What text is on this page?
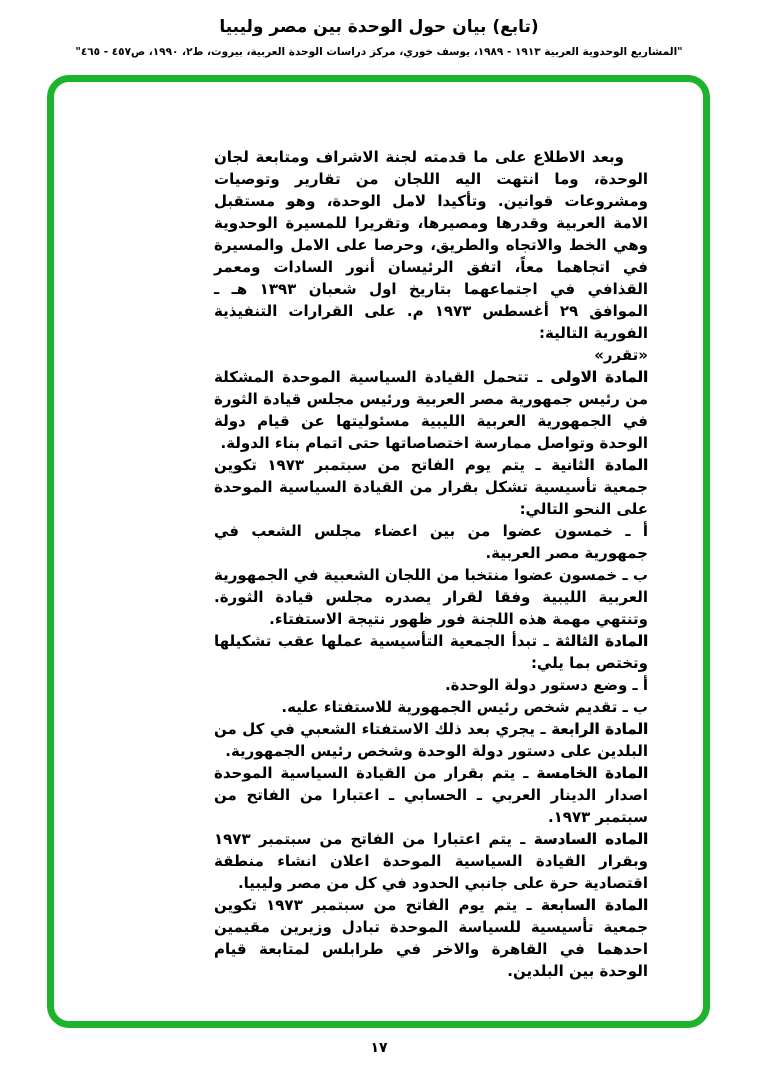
(تابع) بيان حول الوحدة بين مصر وليبيا
"المشاريع الوحدوية العربية ١٩١٣ - ١٩٨٩، يوسف خوري، مركز دراسات الوحدة العربية، بيروت، ط٢، ١٩٩٠، ص٤٥٧ - ٤٦٥"

وبعد الاطلاع على ما قدمته لجنة الاشراف ومتابعة لجان الوحدة، وما انتهت اليه اللجان من تقارير وتوصيات ومشروعات قوانين. وتأكيدا لامل الوحدة، وهو مستقبل الامة العربية وقدرها ومصيرها، وتقريرا للمسيرة الوحدوية وهي الخط والاتجاه والطريق، وحرصا على الامل والمسيرة في اتجاهما معاً، اتفق الرئيسان أنور السادات ومعمر القذافي في اجتماعهما بتاريخ اول شعبان ١٣٩٣ هـ ـ الموافق ٢٩ أغسطس ١٩٧٣ م. على القرارات التنفيذية الفورية التالية:

«تقرر»

المادة الاولى ـ تتحمل القيادة السياسية الموحدة المشكلة من رئيس جمهورية مصر العربية ورئيس مجلس قيادة الثورة في الجمهورية العربية الليبية مسئوليتها عن قيام دولة الوحدة وتواصل ممارسة اختصاصاتها حتى اتمام بناء الدولة.

المادة الثانية ـ يتم يوم الفاتح من سبتمبر ١٩٧٣ تكوين جمعية تأسيسية تشكل بقرار من القيادة السياسية الموحدة على النحو التالي:

أ ـ خمسون عضوا من بين اعضاء مجلس الشعب في جمهورية مصر العربية.

ب ـ خمسون عضوا منتخبا من اللجان الشعبية في الجمهورية العربية الليبية وفقا لقرار يصدره مجلس قيادة الثورة. وتنتهي مهمة هذه اللجنة فور ظهور نتيجة الاستفتاء.

المادة الثالثة ـ تبدأ الجمعية التأسيسية عملها عقب تشكيلها وتختص بما يلي:

أ ـ وضع دستور دولة الوحدة.

ب ـ تقديم شخص رئيس الجمهورية للاستفتاء عليه.

المادة الرابعة ـ يجري بعد ذلك الاستفتاء الشعبي في كل من البلدين على دستور دولة الوحدة وشخص رئيس الجمهورية.

المادة الخامسة ـ يتم بقرار من القيادة السياسية الموحدة اصدار الدينار العربي ـ الحسابي ـ اعتبارا من الفاتح من سبتمبر ١٩٧٣.

الماده السادسة ـ يتم اعتبارا من الفاتح من سبتمبر ١٩٧٣ وبقرار القيادة السياسية الموحدة اعلان انشاء منطقة اقتصادية حرة على جانبي الحدود في كل من مصر وليبيا.

المادة السابعة ـ يتم يوم الفاتح من سبتمبر ١٩٧٣ تكوين جمعية تأسيسية للسياسة الموحدة تبادل وزيرين مقيمين احدهما في القاهرة والاخر في طرابلس لمتابعة قيام الوحدة بين البلدين.

١٧
